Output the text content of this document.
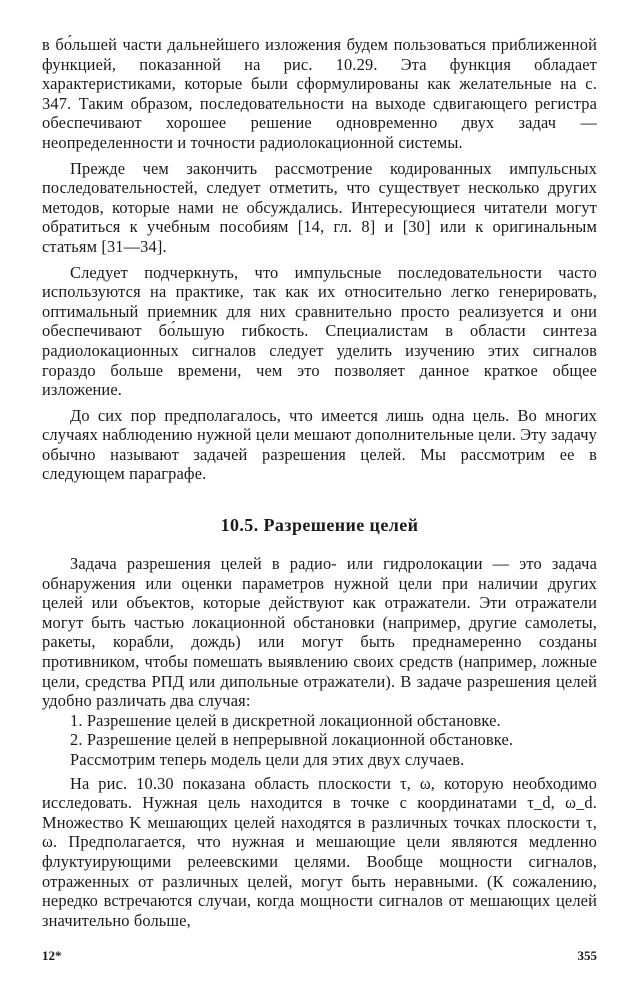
в бо́льшей части дальнейшего изложения будем пользоваться приближенной функцией, показанной на рис. 10.29. Эта функция обладает характеристиками, которые были сформулированы как желательные на с. 347. Таким образом, последовательности на выходе сдвигающего регистра обеспечивают хорошее решение одновременно двух задач — неопределенности и точности радиолокационной системы.

Прежде чем закончить рассмотрение кодированных импульсных последовательностей, следует отметить, что существует несколько других методов, которые нами не обсуждались. Интересующиеся читатели могут обратиться к учебным пособиям [14, гл. 8] и [30] или к оригинальным статьям [31—34].

Следует подчеркнуть, что импульсные последовательности часто используются на практике, так как их относительно легко генерировать, оптимальный приемник для них сравнительно просто реализуется и они обеспечивают бо́льшую гибкость. Специалистам в области синтеза радиолокационных сигналов следует уделить изучению этих сигналов гораздо больше времени, чем это позволяет данное краткое общее изложение.

До сих пор предполагалось, что имеется лишь одна цель. Во многих случаях наблюдению нужной цели мешают дополнительные цели. Эту задачу обычно называют задачей разрешения целей. Мы рассмотрим ее в следующем параграфе.

10.5. Разрешение целей

Задача разрешения целей в радио- или гидролокации — это задача обнаружения или оценки параметров нужной цели при наличии других целей или объектов, которые действуют как отражатели. Эти отражатели могут быть частью локационной обстановки (например, другие самолеты, ракеты, корабли, дождь) или могут быть преднамеренно созданы противником, чтобы помешать выявлению своих средств (например, ложные цели, средства РПД или дипольные отражатели). В задаче разрешения целей удобно различать два случая:

1. Разрешение целей в дискретной локационной обстановке.

2. Разрешение целей в непрерывной локационной обстановке.

Рассмотрим теперь модель цели для этих двух случаев.

На рис. 10.30 показана область плоскости τ, ω, которую необходимо исследовать. Нужная цель находится в точке с координатами τ_d, ω_d. Множество K мешающих целей находятся в различных точках плоскости τ, ω. Предполагается, что нужная и мешающие цели являются медленно флуктуирующими релеевскими целями. Вообще мощности сигналов, отраженных от различных целей, могут быть неравными. (К сожалению, нередко встречаются случаи, когда мощности сигналов от мешающих целей значительно больше,

12*	355
